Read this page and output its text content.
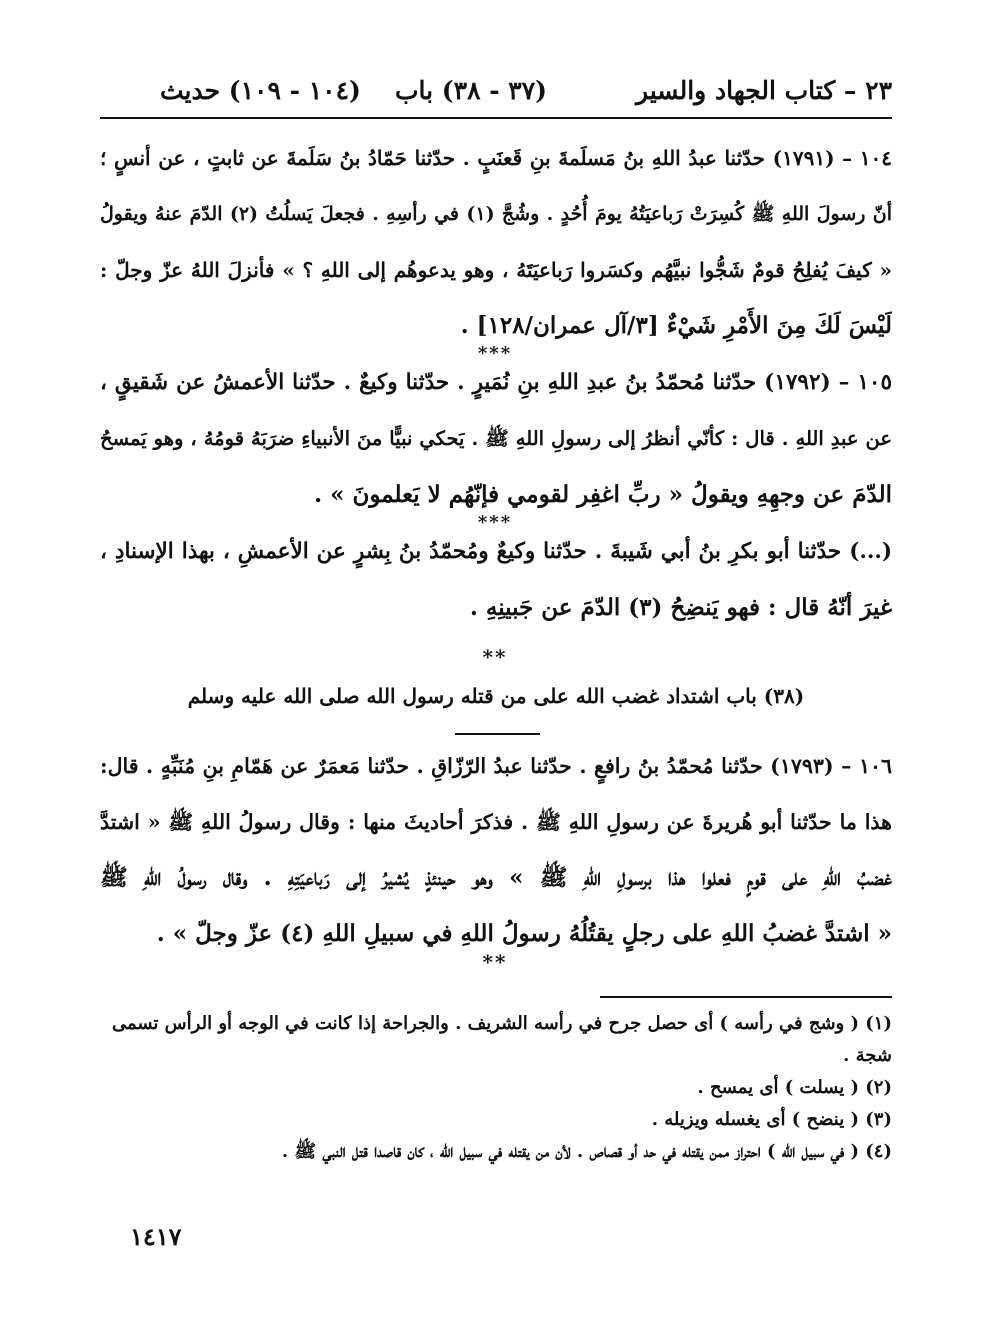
٢٣ – كتاب الجهاد والسير
(٣٧ - ٣٨) باب
(١٠٤ - ١٠٩) حديث
١٠٤ – (١٧٩١) حدّثنا عبدُ اللهِ بنُ مَسلَمةَ بنِ قَعنَبٍ . حدّثنا حَمّادُ بنُ سَلَمةَ عن ثابتٍ ، عن أنسٍ ؛
أنّ رسولَ اللهِ ﷺ كُسِرَتْ رَباعيَتُهُ يومَ أُحُدٍ . وشُجَّ (١) في رأسِهِ . فجعلَ يَسلُتُ (٢) الدّمَ عنهُ ويقولُ
« كيفَ يُفلِحُ قومٌ شَجُّوا نبيَّهُم وكسَروا رَباعيَتَهُ ، وهو يدعوهُم إلى اللهِ ؟ » فأنزلَ اللهُ عزّ وجلّ :
لَيْسَ لَكَ مِنَ الأَمْرِ شَيْءٌ [٣/آل عمران/١٢٨] .
***
١٠٥ – (١٧٩٢) حدّثنا مُحمّدُ بنُ عبدِ اللهِ بنِ نُمَيرٍ . حدّثنا وكيعٌ . حدّثنا الأعمشُ عن شَقيقٍ ،
عن عبدِ اللهِ . قال : كأنّي أنظرُ إلى رسولِ اللهِ ﷺ . يَحكي نبيًّا منَ الأنبياءِ ضرَبَهُ قومُهُ ، وهو يَمسحُ
الدّمَ عن وجهِهِ ويقولُ « ربِّ اغفِر لقومي فإنّهُم لا يَعلمونَ » .
***
(...) حدّثنا أبو بكرِ بنُ أبي شَيبةَ . حدّثنا وكيعٌ ومُحمّدُ بنُ بِشرٍ عن الأعمشِ ، بهذا الإسنادِ ،
غيرَ أنّهُ قال : فهو يَنضِحُ (٣) الدّمَ عن جَبينِهِ .
**
(٣٨) باب اشتداد غضب الله على من قتله رسول الله صلى الله عليه وسلم
١٠٦ – (١٧٩٣) حدّثنا مُحمّدُ بنُ رافعٍ . حدّثنا عبدُ الرّزّاقِ . حدّثنا مَعمَرٌ عن هَمّامِ بنِ مُنَبِّهٍ . قال:
هذا ما حدّثنا أبو هُريرةَ عن رسولِ اللهِ ﷺ . فذكرَ أحاديثَ منها : وقال رسولُ اللهِ ﷺ « اشتدَّ
غضبُ اللهِ على قومٍ فعلوا هذا برسولِ اللهِ ﷺ » وهو حينئذٍ يُشيرُ إلى رَباعيَتِهِ . وقال رسولُ اللهِ ﷺ
« اشتدَّ غضبُ اللهِ على رجلٍ يقتُلُهُ رسولُ اللهِ في سبيلِ اللهِ (٤) عزّ وجلّ » .
**

(١) ( وشج في رأسه ) أى حصل جرح في رأسه الشريف . والجراحة إذا كانت في الوجه أو الرأس تسمى
شجة .

(٢) ( يسلت ) أى يمسح .

(٣) ( ينضح ) أى يغسله ويزيله .

(٤) ( في سبيل الله ) احتراز ممن يقتله في حد أو قصاص . لأن من يقتله في سبيل الله ، كان قاصدا قتل النبي ﷺ .

١٤١٧
